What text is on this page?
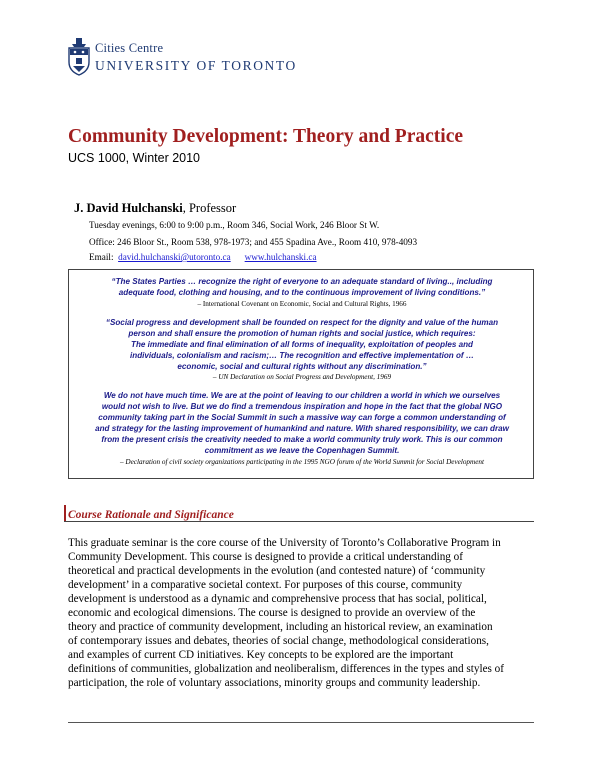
Cities Centre
UNIVERSITY OF TORONTO
Community Development: Theory and Practice
UCS 1000, Winter 2010
J. David Hulchanski, Professor
Tuesday evenings, 6:00 to 9:00 p.m., Room 346, Social Work, 246 Bloor St W.
Office: 246 Bloor St., Room 538, 978-1973; and 455 Spadina Ave., Room 410, 978-4093
Email: david.hulchanski@utoronto.ca www.hulchanski.ca
“The States Parties … recognize the right of everyone to an adequate standard of living.., including
adequate food, clothing and housing, and to the continuous improvement of living conditions.”
– International Covenant on Economic, Social and Cultural Rights, 1966
“Social progress and development shall be founded on respect for the dignity and value of the human
person and shall ensure the promotion of human rights and social justice, which requires:
The immediate and final elimination of all forms of inequality, exploitation of peoples and
individuals, colonialism and racism;… The recognition and effective implementation of …
economic, social and cultural rights without any discrimination.”
– UN Declaration on Social Progress and Development, 1969
We do not have much time. We are at the point of leaving to our children a world in which we ourselves
would not wish to live. But we do find a tremendous inspiration and hope in the fact that the global NGO
community taking part in the Social Summit in such a massive way can forge a common understanding of
and strategy for the lasting improvement of humankind and nature. With shared responsibility, we can draw
from the present crisis the creativity needed to make a world community truly work. This is our common
commitment as we leave the Copenhagen Summit.
– Declaration of civil society organizations participating in the 1995 NGO forum of the World Summit for Social Development
Course Rationale and Significance
This graduate seminar is the core course of the University of Toronto’s Collaborative Program in
Community Development. This course is designed to provide a critical understanding of
theoretical and practical developments in the evolution (and contested nature) of ‘community
development’ in a comparative societal context. For purposes of this course, community
development is understood as a dynamic and comprehensive process that has social, political,
economic and ecological dimensions. The course is designed to provide an overview of the
theory and practice of community development, including an historical review, an examination
of contemporary issues and debates, theories of social change, methodological considerations,
and examples of current CD initiatives. Key concepts to be explored are the important
definitions of communities, globalization and neoliberalism, differences in the types and styles of
participation, the role of voluntary associations, minority groups and community leadership.
